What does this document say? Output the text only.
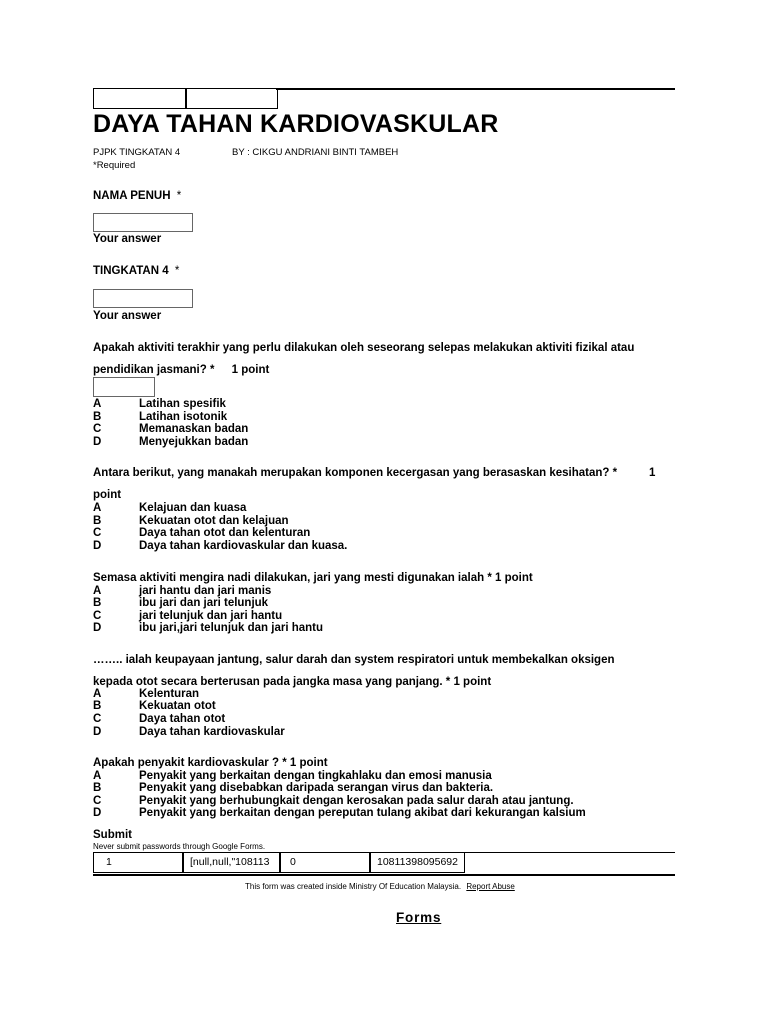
DAYA TAHAN KARDIOVASKULAR
PJPK TINGKATAN 4	BY : CIKGU ANDRIANI BINTI TAMBEH
*Required
NAMA PENUH *
Your answer
TINGKATAN 4 *
Your answer
Apakah aktiviti terakhir yang perlu dilakukan oleh seseorang selepas melakukan aktiviti fizikal atau
pendidikan jasmani? * 1 point
A	Latihan spesifik
B	Latihan isotonik
C	Memanaskan badan
D	Menyejukkan badan
Antara berikut, yang manakah merupakan komponen kecergasan yang berasaskan kesihatan? *	1
point
A	Kelajuan dan kuasa
B	Kekuatan otot dan kelajuan
C	Daya tahan otot dan kelenturan
D	Daya tahan kardiovaskular dan kuasa.
Semasa aktiviti mengira nadi dilakukan, jari yang mesti digunakan ialah * 1 point
A	jari hantu dan jari manis
B	ibu jari dan jari telunjuk
C	jari telunjuk dan jari hantu
D	ibu jari,jari telunjuk dan jari hantu
…….. ialah keupayaan jantung, salur darah dan system respiratori untuk membekalkan oksigen
kepada otot secara berterusan pada jangka masa yang panjang. * 1 point
A	Kelenturan
B	Kekuatan otot
C	Daya tahan otot
D	Daya tahan kardiovaskular
Apakah penyakit kardiovaskular ? * 1 point
A	Penyakit yang berkaitan dengan tingkahlaku dan emosi manusia
B	Penyakit yang disebabkan daripada serangan virus dan bakteria.
C	Penyakit yang berhubungkait dengan kerosakan pada salur darah atau jantung.
D	Penyakit yang berkaitan dengan pereputan tulang akibat dari kekurangan kalsium
Submit
Never submit passwords through Google Forms.
1	[null,null,"108113	0	10811398095692
This form was created inside Ministry Of Education Malaysia. Report Abuse
Forms
